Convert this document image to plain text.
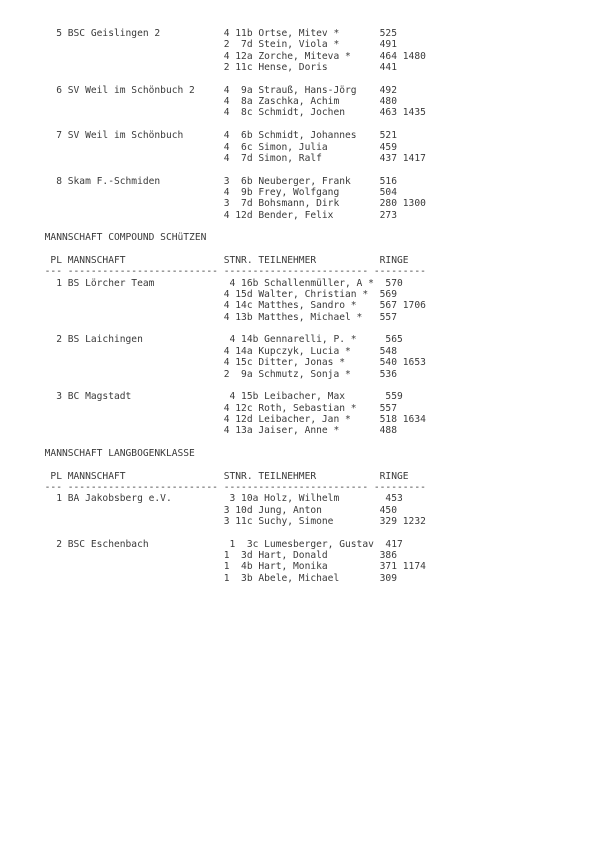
5 BSC Geislingen 2           4 11b Ortse, Mitev *       525
2  7d Stein, Viola *       491
4 12a Zorche, Miteva *     464 1480
2 11c Hense, Doris         441
6 SV Weil im Schönbuch 2     4  9a Strauß, Hans-Jörg    492
4  8a Zaschka, Achim       480
4  8c Schmidt, Jochen      463 1435
7 SV Weil im Schönbuch       4  6b Schmidt, Johannes    521
4  6c Simon, Julia         459
4  7d Simon, Ralf          437 1417
8 Skam F.-Schmiden           3  6b Neuberger, Frank     516
4  9b Frey, Wolfgang       504
3  7d Bohsmann, Dirk       280 1300
4 12d Bender, Felix        273
MANNSCHAFT COMPOUND SCHüTZEN
PL MANNSCHAFT                 STNR. TEILNEHMER           RINGE
--- -------------------------- ------------------------- ---------
1 BS Lörcher Team             4 16b Schallenmüller, A *  570
4 15d Walter, Christian *  569
4 14c Matthes, Sandro *    567 1706
4 13b Matthes, Michael *   557
2 BS Laichingen               4 14b Gennarelli, P. *     565
4 14a Kupczyk, Lucia *     548
4 15c Ditter, Jonas *      540 1653
2  9a Schmutz, Sonja *     536
3 BC Magstadt                 4 15b Leibacher, Max       559
4 12c Roth, Sebastian *    557
4 12d Leibacher, Jan *     518 1634
4 13a Jaiser, Anne *       488
MANNSCHAFT LANGBOGENKLASSE
PL MANNSCHAFT                 STNR. TEILNEHMER           RINGE
--- -------------------------- ------------------------- ---------
1 BA Jakobsberg e.V.          3 10a Holz, Wilhelm        453
3 10d Jung, Anton          450
3 11c Suchy, Simone        329 1232
2 BSC Eschenbach              1  3c Lumesberger, Gustav  417
1  3d Hart, Donald         386
1  4b Hart, Monika         371 1174
1  3b Abele, Michael       309
